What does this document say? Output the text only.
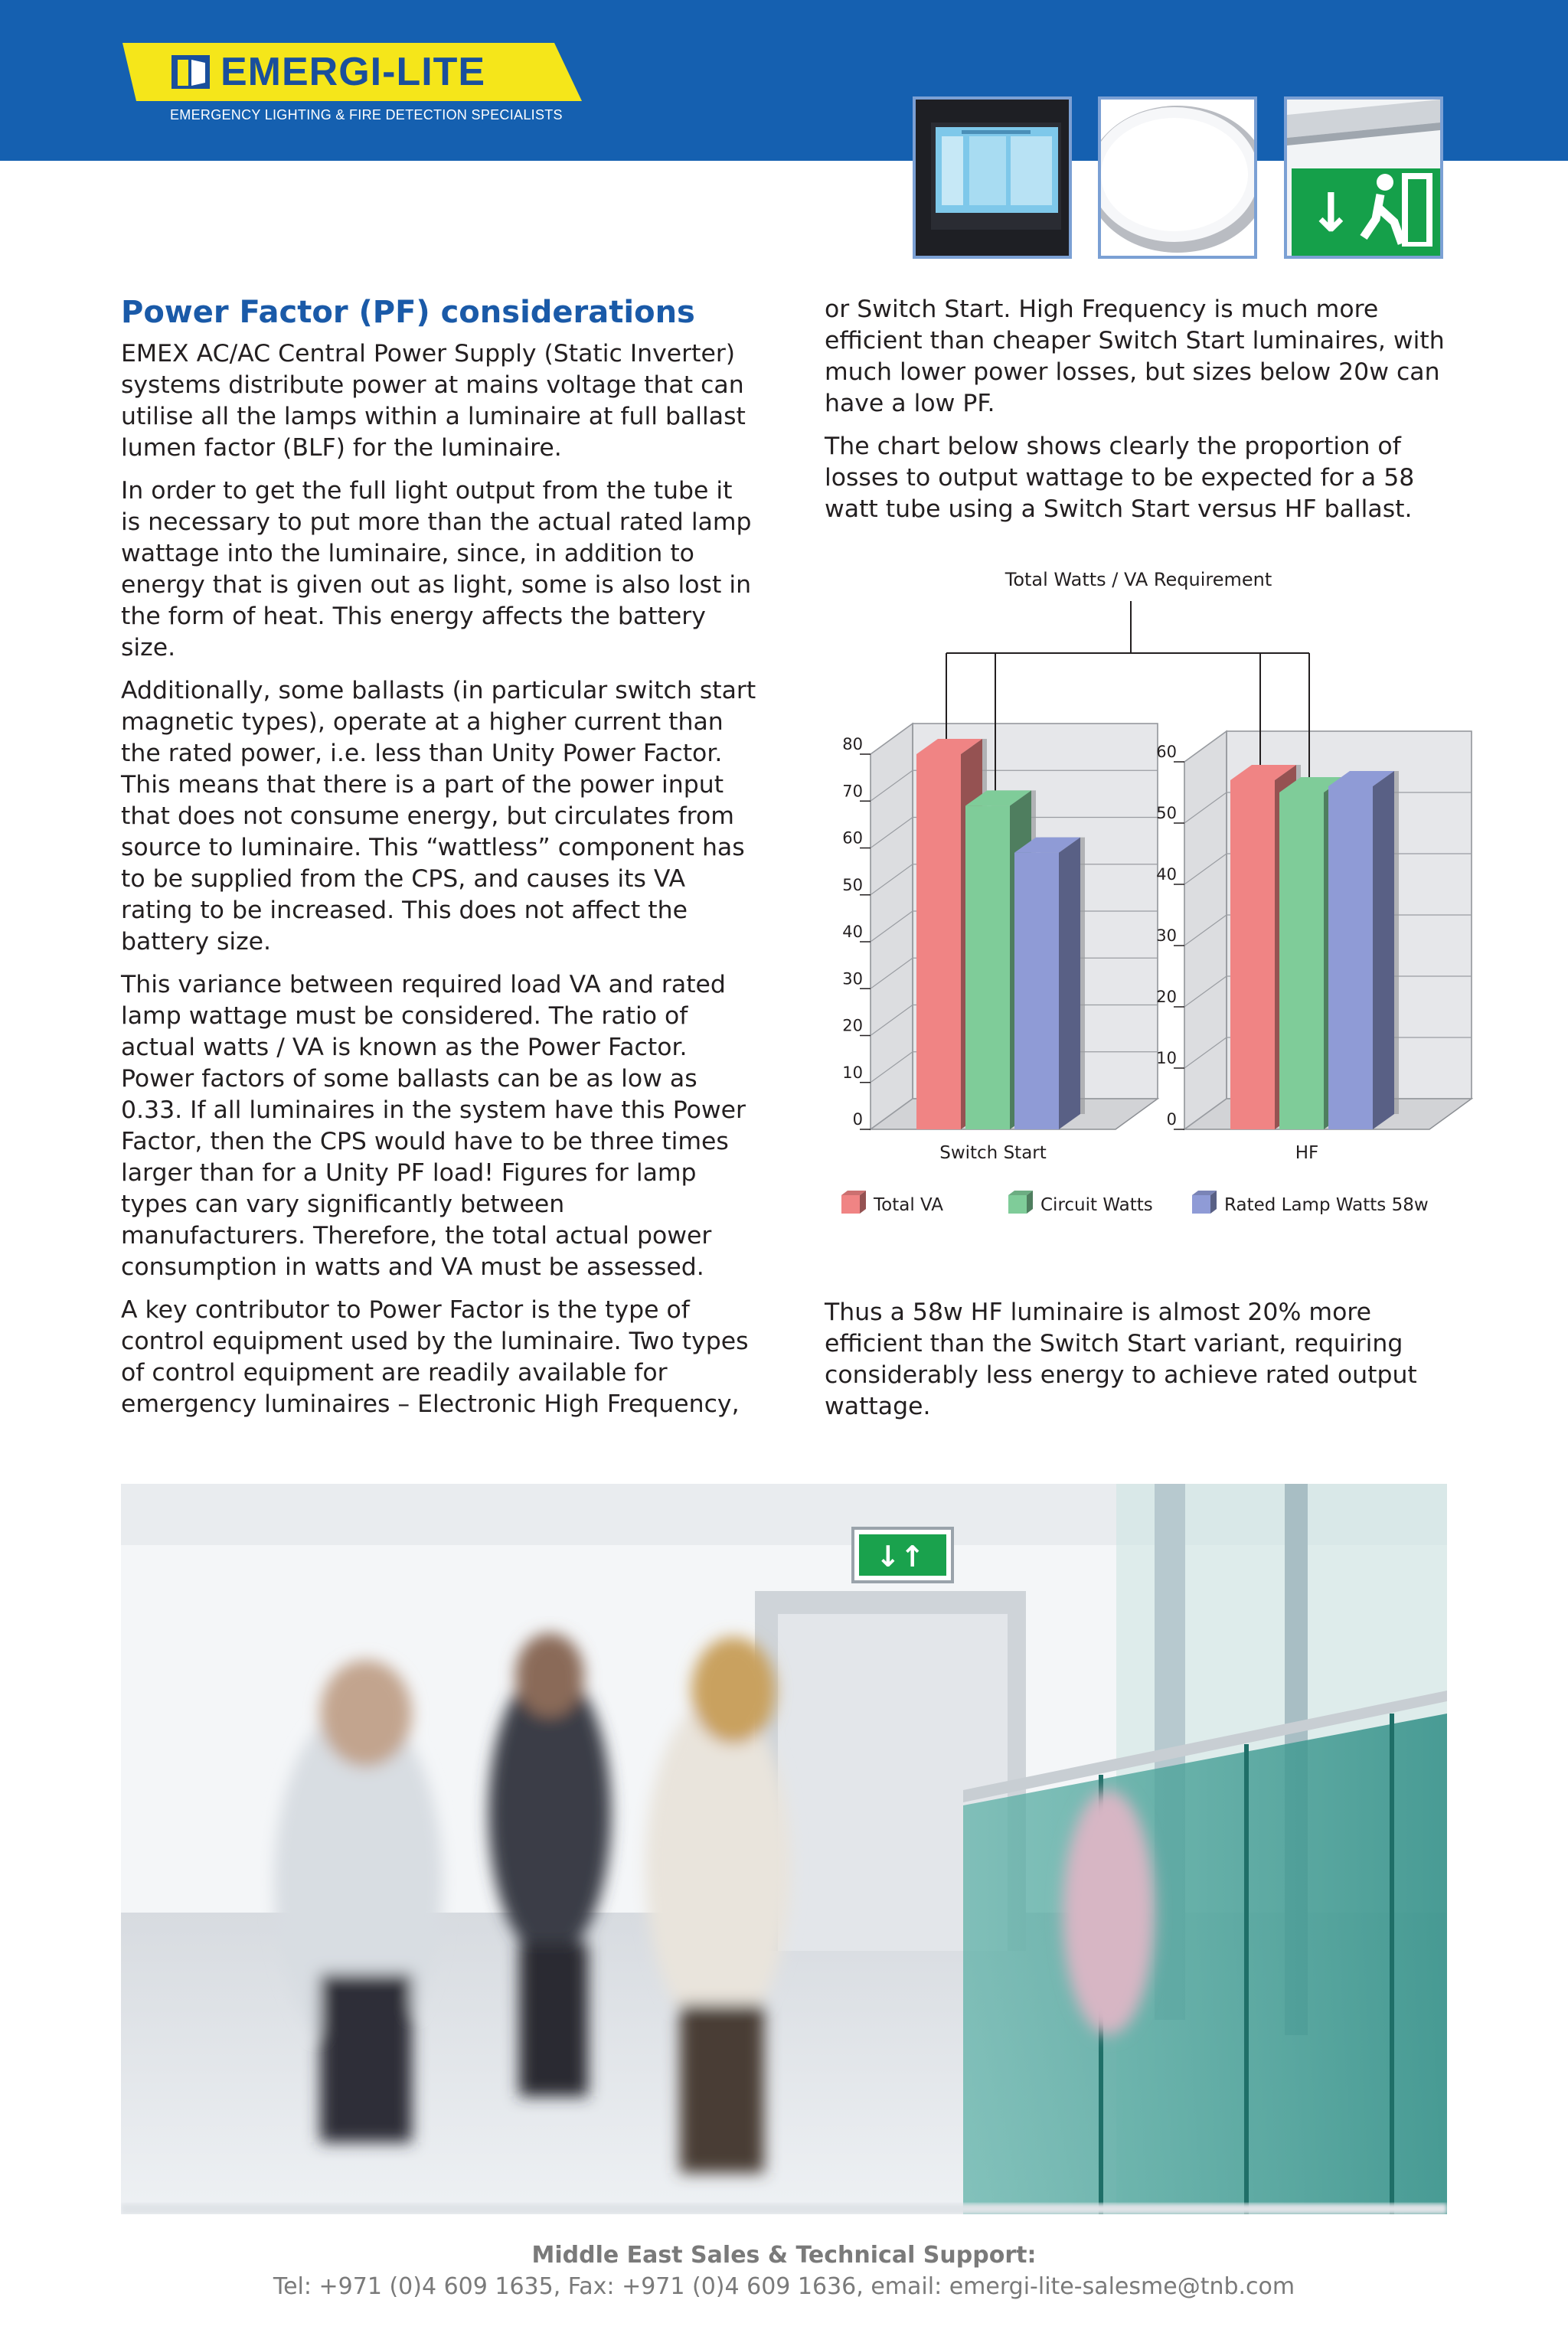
EMERGI-LITE
EMERGENCY LIGHTING & FIRE DETECTION SPECIALISTS
↓
Power Factor (PF) considerations

EMEX AC/AC Central Power Supply (Static Inverter) systems distribute power at mains voltage that can utilise all the lamps within a luminaire at full ballast lumen factor (BLF) for the luminaire.

In order to get the full light output from the tube it is necessary to put more than the actual rated lamp wattage into the luminaire, since, in addition to energy that is given out as light, some is also lost in the form of heat. This energy affects the battery size.

Additionally, some ballasts (in particular switch start magnetic types), operate at a higher current than the rated power, i.e. less than Unity Power Factor. This means that there is a part of the power input that does not consume energy, but circulates from source to luminaire. This “wattless” component has to be supplied from the CPS, and causes its VA rating to be increased. This does not affect the battery size.

This variance between required load VA and rated lamp wattage must be considered. The ratio of actual watts / VA is known as the Power Factor. Power factors of some ballasts can be as low as 0.33. If all luminaires in the system have this Power Factor, then the CPS would have to be three times larger than for a Unity PF load! Figures for lamp types can vary significantly between manufacturers. Therefore, the total actual power consumption in watts and VA must be assessed.

A key contributor to Power Factor is the type of control equipment used by the luminaire. Two types of control equipment are readily available for emergency luminaires – Electronic High Frequency,

or Switch Start. High Frequency is much more efficient than cheaper Switch Start luminaires, with much lower power losses, but sizes below 20w can have a low PF.

The chart below shows clearly the proportion of losses to output wattage to be expected for a 58 watt tube using a Switch Start versus HF ballast.

Total Watts / VA Requirement
0
10
20
30
40
50
60
70
80
Switch Start
0
10
20
30
40
50
60
HF
Total VA	Circuit Watts	Rated Lamp Watts 58w
Thus a 58w HF luminaire is almost 20% more efficient than the Switch Start variant, requiring considerably less energy to achieve rated output wattage.
↓↑
Middle East Sales & Technical Support:
Tel: +971 (0)4 609 1635, Fax: +971 (0)4 609 1636, email: emergi-lite-salesme@tnb.com
